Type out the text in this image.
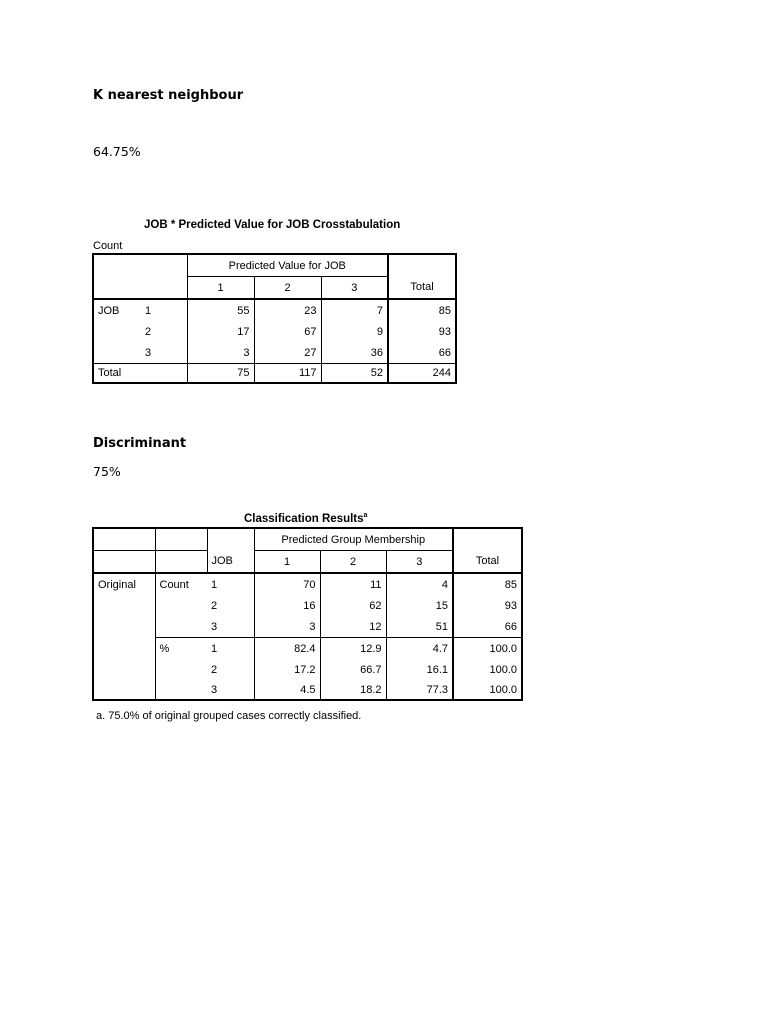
K nearest neighbour
64.75%
JOB * Predicted Value for JOB Crosstabulation
Count
		Predicted Value for JOB			
		1	2	3	Total
JOB	1	55	23	7	85
	2	17	67	9	93
	3	3	27	36	66
Total		75	117	52	244
Discriminant
75%
Classification Results$^a$
			Predicted Group Membership			
		JOB	1	2	3	Total
Original	Count	1	70	11	4	85
		2	16	62	15	93
		3	3	12	51	66
	%	1	82.4	12.9	4.7	100.0
		2	17.2	66.7	16.1	100.0
		3	4.5	18.2	77.3	100.0
a. 75.0% of original grouped cases correctly classified.
